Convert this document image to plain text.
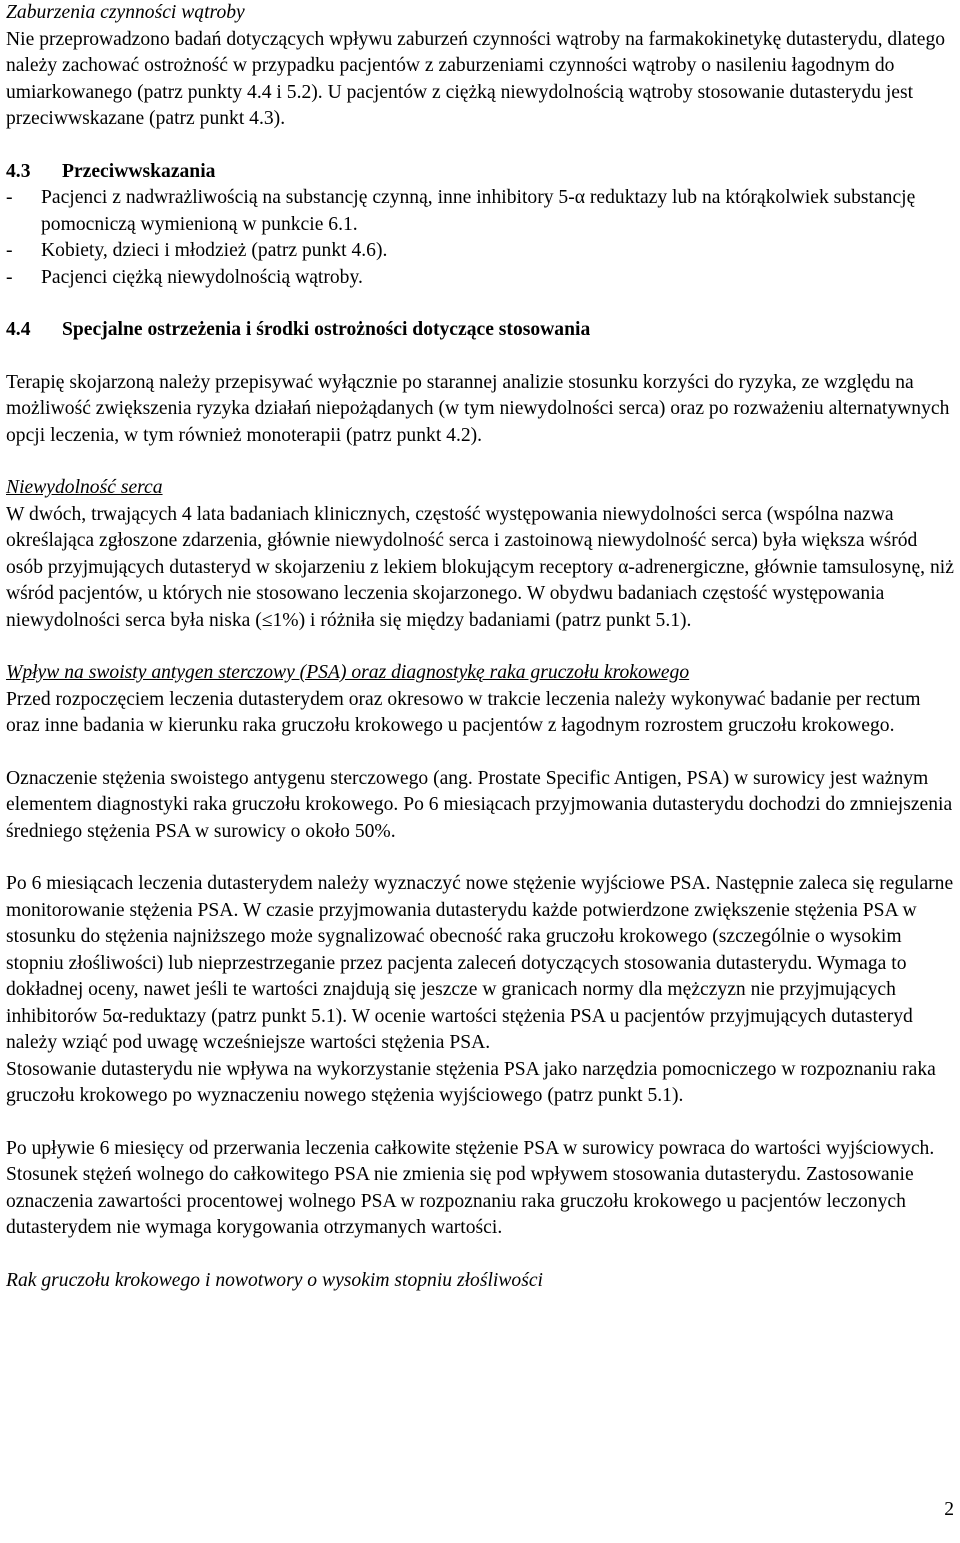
Zaburzenia czynności wątroby

Nie przeprowadzono badań dotyczących wpływu zaburzeń czynności wątroby na farmakokinetykę dutasterydu, dlatego należy zachować ostrożność w przypadku pacjentów z zaburzeniami czynności wątroby o nasileniu łagodnym do umiarkowanego (patrz punkty 4.4 i 5.2). U pacjentów z ciężką niewydolnością wątroby stosowanie dutasterydu jest przeciwwskazane (patrz punkt 4.3).

4.3	Przeciwwskazania
- Pacjenci z nadwrażliwością na substancję czynną, inne inhibitory 5-α reduktazy lub na którąkolwiek substancję pomocniczą wymienioną w punkcie 6.1.
- Kobiety, dzieci i młodzież (patrz punkt 4.6).
- Pacjenci ciężką niewydolnością wątroby.
4.4	Specjalne ostrzeżenia i środki ostrożności dotyczące stosowania

Terapię skojarzoną należy przepisywać wyłącznie po starannej analizie stosunku korzyści do ryzyka, ze względu na możliwość zwiększenia ryzyka działań niepożądanych (w tym niewydolności serca) oraz po rozważeniu alternatywnych opcji leczenia, w tym również monoterapii (patrz punkt 4.2).

Niewydolność serca

W dwóch, trwających 4 lata badaniach klinicznych, częstość występowania niewydolności serca (wspólna nazwa określająca zgłoszone zdarzenia, głównie niewydolność serca i zastoinową niewydolność serca) była większa wśród osób przyjmujących dutasteryd w skojarzeniu z lekiem blokującym receptory α-adrenergiczne, głównie tamsulosynę, niż wśród pacjentów, u których nie stosowano leczenia skojarzonego. W obydwu badaniach częstość występowania niewydolności serca była niska (≤1%) i różniła się między badaniami (patrz punkt 5.1).

Wpływ na swoisty antygen sterczowy (PSA) oraz diagnostykę raka gruczołu krokowego

Przed rozpoczęciem leczenia dutasterydem oraz okresowo w trakcie leczenia należy wykonywać badanie per rectum oraz inne badania w kierunku raka gruczołu krokowego u pacjentów z łagodnym rozrostem gruczołu krokowego.

Oznaczenie stężenia swoistego antygenu sterczowego (ang. Prostate Specific Antigen, PSA) w surowicy jest ważnym elementem diagnostyki raka gruczołu krokowego. Po 6 miesiącach przyjmowania dutasterydu dochodzi do zmniejszenia średniego stężenia PSA w surowicy o około 50%.

Po 6 miesiącach leczenia dutasterydem należy wyznaczyć nowe stężenie wyjściowe PSA. Następnie zaleca się regularne monitorowanie stężenia PSA. W czasie przyjmowania dutasterydu każde potwierdzone zwiększenie stężenia PSA w stosunku do stężenia najniższego może sygnalizować obecność raka gruczołu krokowego (szczególnie o wysokim stopniu złośliwości) lub nieprzestrzeganie przez pacjenta zaleceń dotyczących stosowania dutasterydu. Wymaga to dokładnej oceny, nawet jeśli te wartości znajdują się jeszcze w granicach normy dla mężczyzn nie przyjmujących inhibitorów 5α-reduktazy (patrz punkt 5.1). W ocenie wartości stężenia PSA u pacjentów przyjmujących dutasteryd należy wziąć pod uwagę wcześniejsze wartości stężenia PSA.

Stosowanie dutasterydu nie wpływa na wykorzystanie stężenia PSA jako narzędzia pomocniczego w rozpoznaniu raka gruczołu krokowego po wyznaczeniu nowego stężenia wyjściowego (patrz punkt 5.1).

Po upływie 6 miesięcy od przerwania leczenia całkowite stężenie PSA w surowicy powraca do wartości wyjściowych. Stosunek stężeń wolnego do całkowitego PSA nie zmienia się pod wpływem stosowania dutasterydu. Zastosowanie oznaczenia zawartości procentowej wolnego PSA w rozpoznaniu raka gruczołu krokowego u pacjentów leczonych dutasterydem nie wymaga korygowania otrzymanych wartości.

Rak gruczołu krokowego i nowotwory o wysokim stopniu złośliwości

2
